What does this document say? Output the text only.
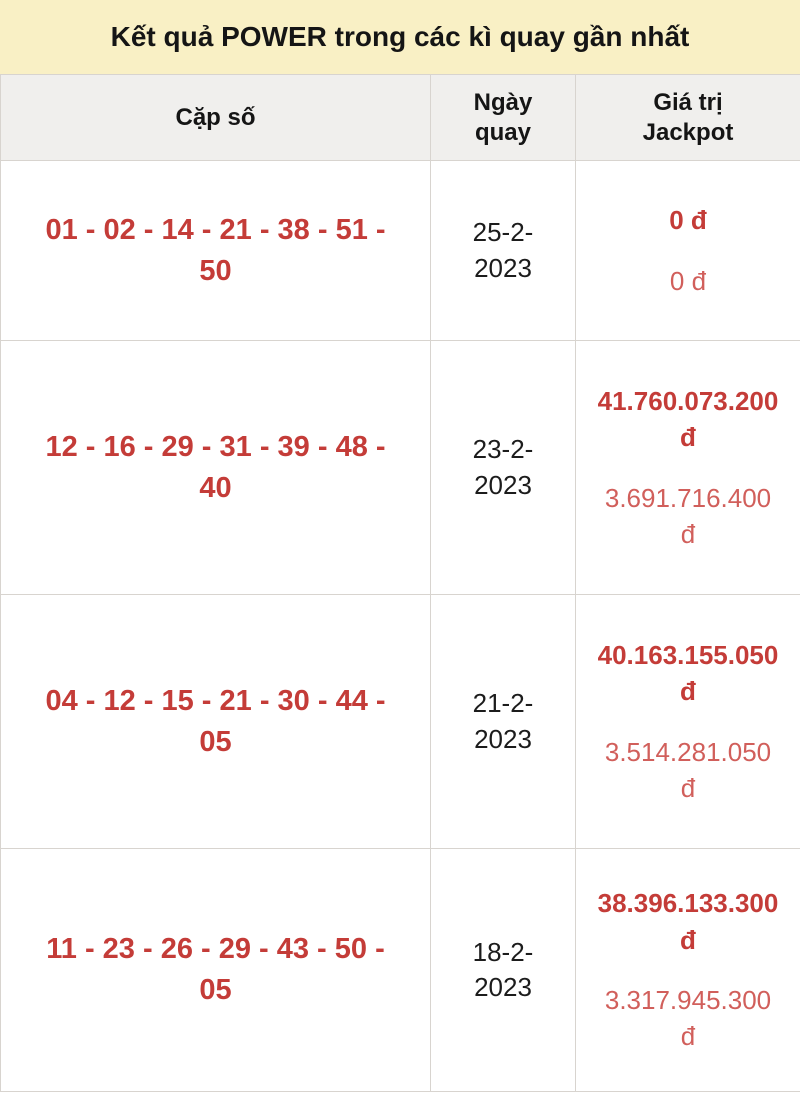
Kết quả POWER trong các kì quay gần nhất
Cặp số	Ngày quay	Giá trị Jackpot
01 - 02 - 14 - 21 - 38 - 51 - 50	25-2-2023	0 đ
0 đ

12 - 16 - 29 - 31 - 39 - 48 - 40	23-2-2023	41.760.073.200 đ
3.691.716.400 đ

04 - 12 - 15 - 21 - 30 - 44 - 05	21-2-2023	40.163.155.050 đ
3.514.281.050 đ

11 - 23 - 26 - 29 - 43 - 50 - 05	18-2-2023	38.396.133.300 đ
3.317.945.300 đ
